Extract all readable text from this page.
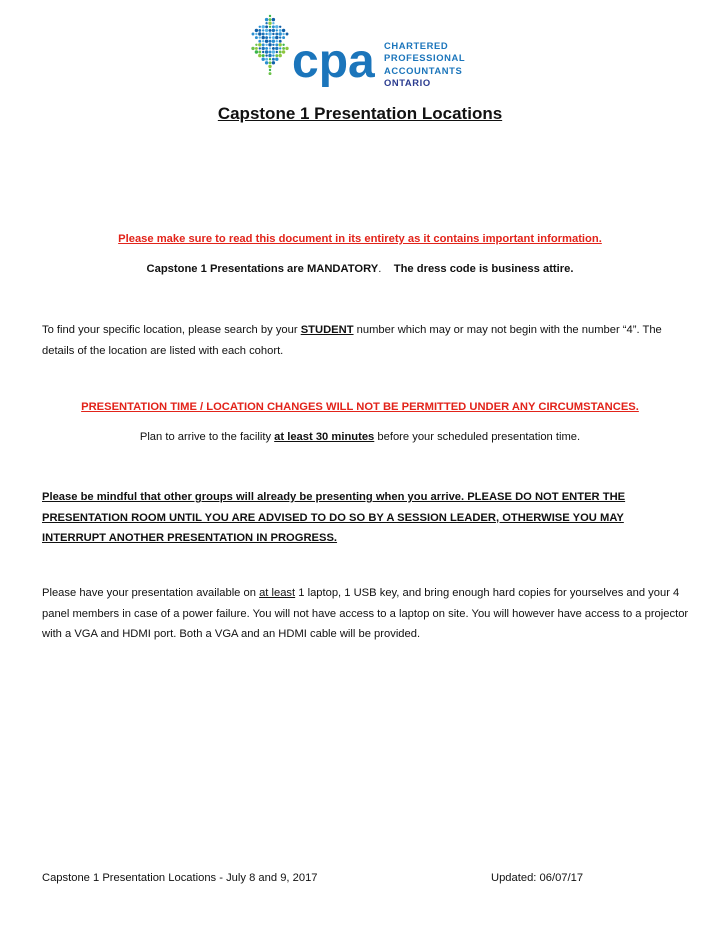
cpa CHARTERED
PROFESSIONAL
ACCOUNTANTS
ONTARIO
Capstone 1 Presentation Locations
Please make sure to read this document in its entirety as it contains important information.
Capstone 1 Presentations are MANDATORY. The dress code is business attire.
To find your specific location, please search by your STUDENT number which may or may not begin with the number “4”. The details of the location are listed with each cohort.
PRESENTATION TIME / LOCATION CHANGES WILL NOT BE PERMITTED UNDER ANY CIRCUMSTANCES.
Plan to arrive to the facility at least 30 minutes before your scheduled presentation time.
Please be mindful that other groups will already be presenting when you arrive. PLEASE DO NOT ENTER THE PRESENTATION ROOM UNTIL YOU ARE ADVISED TO DO SO BY A SESSION LEADER, OTHERWISE YOU MAY INTERRUPT ANOTHER PRESENTATION IN PROGRESS.
Please have your presentation available on at least 1 laptop, 1 USB key, and bring enough hard copies for yourselves and your 4 panel members in case of a power failure. You will not have access to a laptop on site. You will however have access to a projector with a VGA and HDMI port. Both a VGA and an HDMI cable will be provided.
Capstone 1 Presentation Locations - July 8 and 9, 2017	Updated: 06/07/17
